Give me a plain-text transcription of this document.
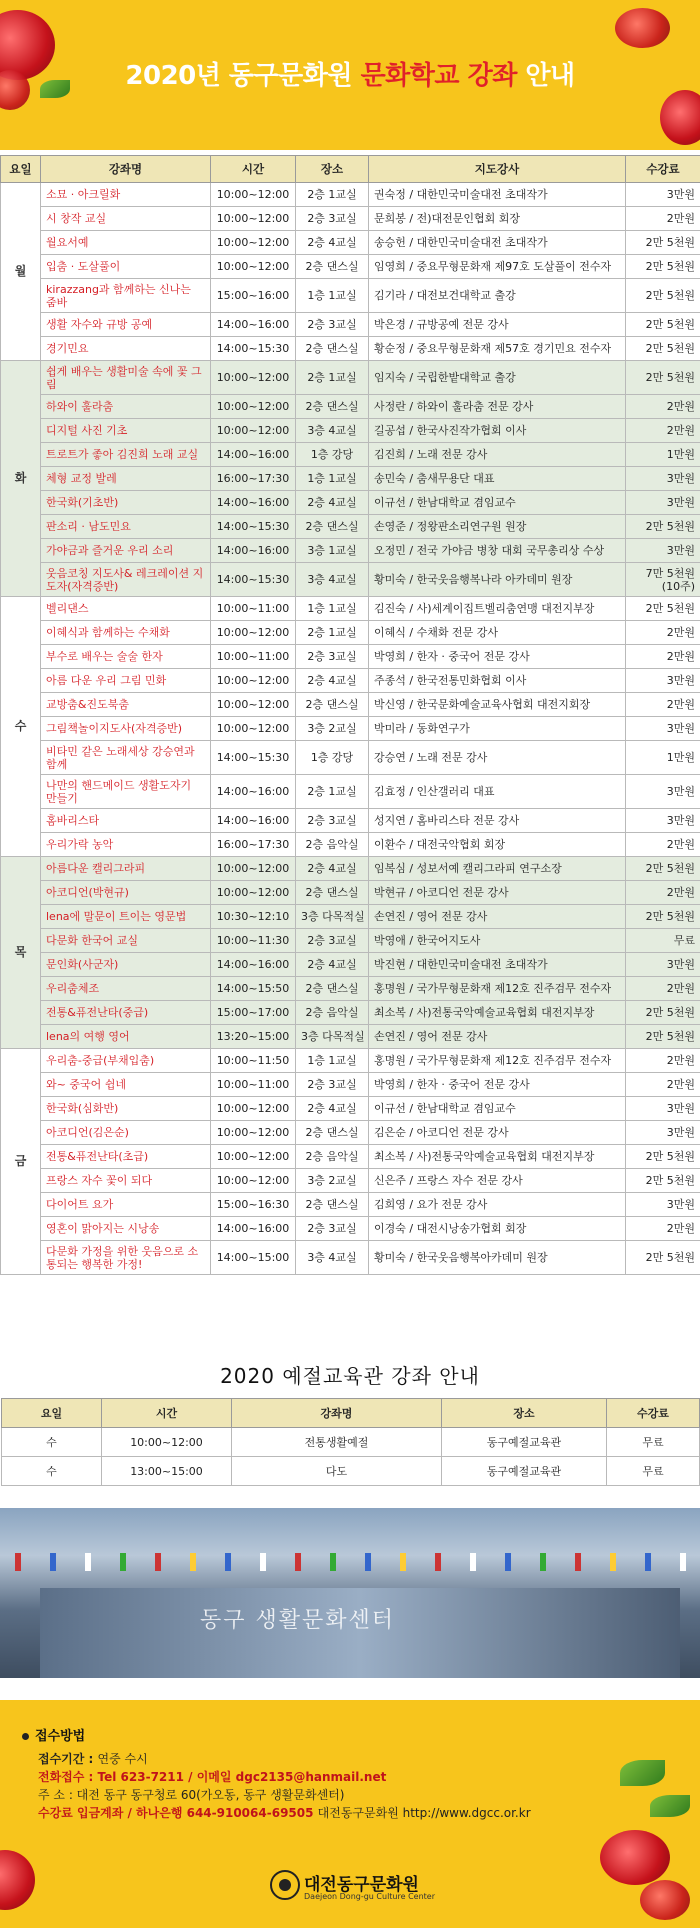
2020년 동구문화원 문화학교 강좌 안내
요일	강좌명	시간	장소	지도강사	수강료
월	소묘 · 아크릴화	10:00~12:00	2층 1교실	권숙정 / 대한민국미술대전 초대작가	3만원
	시 창작 교실	10:00~12:00	2층 3교실	문희봉 / 전)대전문인협회 회장	2만원
	월요서예	10:00~12:00	2층 4교실	송승헌 / 대한민국미술대전 초대작가	2만 5천원
	입춤 · 도살풀이	10:00~12:00	2층 댄스실	임영희 / 중요무형문화재 제97호 도살풀이 전수자	2만 5천원
	kirazzang과 함께하는 신나는 줌바	15:00~16:00	1층 1교실	김기라 / 대전보건대학교 출강	2만 5천원
	생활 자수와 규방 공예	14:00~16:00	2층 3교실	박은경 / 규방공예 전문 강사	2만 5천원
	경기민요	14:00~15:30	2층 댄스실	황순정 / 중요무형문화재 제57호 경기민요 전수자	2만 5천원
화	쉽게 배우는 생활미술 속에 꽃 그림	10:00~12:00	2층 1교실	임지숙 / 국립한밭대학교 출강	2만 5천원
	하와이 훌라춤	10:00~12:00	2층 댄스실	사정란 / 하와이 훌라춤 전문 강사	2만원
	디지털 사진 기초	10:00~12:00	3층 4교실	길공섭 / 한국사진작가협회 이사	2만원
	트로트가 좋아 김진희 노래 교실	14:00~16:00	1층 강당	김진희 / 노래 전문 강사	1만원
	체형 교정 발레	16:00~17:30	1층 1교실	송민숙 / 춤새무용단 대표	3만원
	한국화(기초반)	14:00~16:00	2층 4교실	이규선 / 한남대학교 겸임교수	3만원
	판소리 · 남도민요	14:00~15:30	2층 댄스실	손영준 / 정왕판소리연구원 원장	2만 5천원
	가야금과 즐거운 우리 소리	14:00~16:00	3층 1교실	오정민 / 전국 가야금 병창 대회 국무총리상 수상	3만원
	웃음코칭 지도사& 레크레이션 지도자(자격증반)	14:00~15:30	3층 4교실	황미숙 / 한국웃음행복나라 아카데미 원장	7만 5천원 (10주)
수	벨리댄스	10:00~11:00	1층 1교실	김진숙 / 사)세계이집트벨리춤연맹 대전지부장	2만 5천원
	이혜식과 함께하는 수채화	10:00~12:00	2층 1교실	이혜식 / 수채화 전문 강사	2만원
	부수로 배우는 술술 한자	10:00~11:00	2층 3교실	박영희 / 한자 · 중국어 전문 강사	2만원
	아름 다운 우리 그림 민화	10:00~12:00	2층 4교실	주종석 / 한국전통민화협회 이사	3만원
	교방춤&진도북춤	10:00~12:00	2층 댄스실	박신영 / 한국문화예술교육사협회 대전지회장	2만원
	그림책놀이지도사(자격증반)	10:00~12:00	3층 2교실	박미라 / 동화연구가	3만원
	비타민 같은 노래세상 강승연과 함께	14:00~15:30	1층 강당	강승연 / 노래 전문 강사	1만원
	나만의 핸드메이드 생활도자기 만들기	14:00~16:00	2층 1교실	김효정 / 인산갤러리 대표	3만원
	홈바리스타	14:00~16:00	2층 3교실	성지연 / 홈바리스타 전문 강사	3만원
	우리가락 농악	16:00~17:30	2층 음악실	이환수 / 대전국악협회 회장	2만원
목	아름다운 캘리그라피	10:00~12:00	2층 4교실	임복심 / 성보서예 캘리그라피 연구소장	2만 5천원
	아코디언(박현규)	10:00~12:00	2층 댄스실	박현규 / 아코디언 전문 강사	2만원
	lena에 말문이 트이는 영문법	10:30~12:10	3층 다목적실	손연진 / 영어 전문 강사	2만 5천원
	다문화 한국어 교실	10:00~11:30	2층 3교실	박영애 / 한국어지도사	무료
	문인화(사군자)	14:00~16:00	2층 4교실	박진현 / 대한민국미술대전 초대작가	3만원
	우리춤체조	14:00~15:50	2층 댄스실	홍명원 / 국가무형문화재 제12호 진주검무 전수자	2만원
	전통&퓨전난타(중급)	15:00~17:00	2층 음악실	최소복 / 사)전통국악예술교육협회 대전지부장	2만 5천원
	lena의 여행 영어	13:20~15:00	3층 다목적실	손연진 / 영어 전문 강사	2만 5천원
금	우리춤-중급(부채입춤)	10:00~11:50	1층 1교실	홍명원 / 국가무형문화재 제12호 진주검무 전수자	2만원
	와~ 중국어 쉽네	10:00~11:00	2층 3교실	박영희 / 한자 · 중국어 전문 강사	2만원
	한국화(심화반)	10:00~12:00	2층 4교실	이규선 / 한남대학교 겸임교수	3만원
	아코디언(김은순)	10:00~12:00	2층 댄스실	김은순 / 아코디언 전문 강사	3만원
	전통&퓨전난타(초급)	10:00~12:00	2층 음악실	최소복 / 사)전통국악예술교육협회 대전지부장	2만 5천원
	프랑스 자수 꽃이 되다	10:00~12:00	3층 2교실	신은주 / 프랑스 자수 전문 강사	2만 5천원
	다이어트 요가	15:00~16:30	2층 댄스실	김희영 / 요가 전문 강사	3만원
	영혼이 맑아지는 시낭송	14:00~16:00	2층 3교실	이경숙 / 대전시낭송가협회 회장	2만원
	다문화 가정을 위한 웃음으로 소통되는 행복한 가정!	14:00~15:00	3층 4교실	황미숙 / 한국웃음행복아카데미 원장	2만 5천원
2020 예절교육관 강좌 안내
요일	시간	강좌명	장소	수강료
수	10:00~12:00	전통생활예절	동구예절교육관	무료
수	13:00~15:00	다도	동구예절교육관	무료
동구 생활문화센터
접수방법
접수기간 : 연중 수시
전화접수 : Tel 623-7211 / 이메일 dgc2135@hanmail.net
주 소 : 대전 동구 동구청로 60(가오동, 동구 생활문화센터)
수강료 입금계좌 / 하나은행 644-910064-69505 대전동구문화원 http://www.dgcc.or.kr
대전동구문화원
Daejeon Dong-gu Culture Center
